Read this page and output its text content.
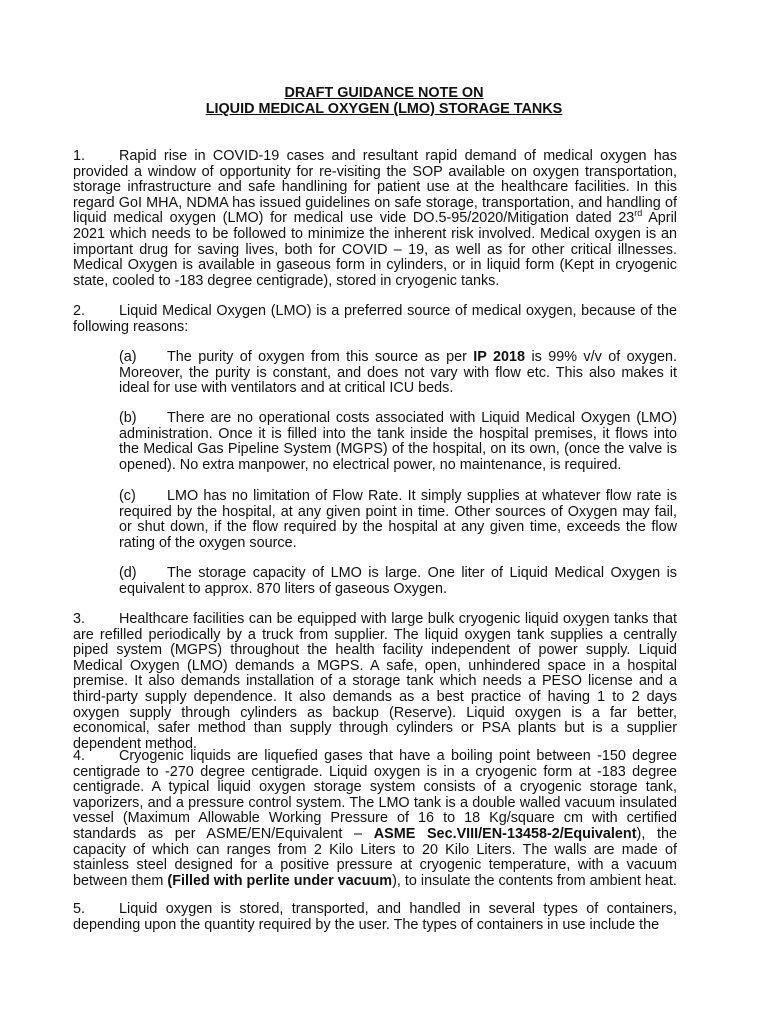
DRAFT GUIDANCE NOTE ON
LIQUID MEDICAL OXYGEN (LMO) STORAGE TANKS

1. Rapid rise in COVID-19 cases and resultant rapid demand of medical oxygen has provided a window of opportunity for re-visiting the SOP available on oxygen transportation, storage infrastructure and safe handlining for patient use at the healthcare facilities. In this regard GoI MHA, NDMA has issued guidelines on safe storage, transportation, and handling of liquid medical oxygen (LMO) for medical use vide DO.5-95/2020/Mitigation dated 23rd April 2021 which needs to be followed to minimize the inherent risk involved. Medical oxygen is an important drug for saving lives, both for COVID – 19, as well as for other critical illnesses. Medical Oxygen is available in gaseous form in cylinders, or in liquid form (Kept in cryogenic state, cooled to -183 degree centigrade), stored in cryogenic tanks.

2. Liquid Medical Oxygen (LMO) is a preferred source of medical oxygen, because of the following reasons:

(a) The purity of oxygen from this source as per IP 2018 is 99% v/v of oxygen. Moreover, the purity is constant, and does not vary with flow etc. This also makes it ideal for use with ventilators and at critical ICU beds.

(b) There are no operational costs associated with Liquid Medical Oxygen (LMO) administration. Once it is filled into the tank inside the hospital premises, it flows into the Medical Gas Pipeline System (MGPS) of the hospital, on its own, (once the valve is opened). No extra manpower, no electrical power, no maintenance, is required.

(c) LMO has no limitation of Flow Rate. It simply supplies at whatever flow rate is required by the hospital, at any given point in time. Other sources of Oxygen may fail, or shut down, if the flow required by the hospital at any given time, exceeds the flow rating of the oxygen source.

(d) The storage capacity of LMO is large. One liter of Liquid Medical Oxygen is equivalent to approx. 870 liters of gaseous Oxygen.

3. Healthcare facilities can be equipped with large bulk cryogenic liquid oxygen tanks that are refilled periodically by a truck from supplier. The liquid oxygen tank supplies a centrally piped system (MGPS) throughout the health facility independent of power supply. Liquid Medical Oxygen (LMO) demands a MGPS. A safe, open, unhindered space in a hospital premise. It also demands installation of a storage tank which needs a PESO license and a third-party supply dependence. It also demands as a best practice of having 1 to 2 days oxygen supply through cylinders as backup (Reserve). Liquid oxygen is a far better, economical, safer method than supply through cylinders or PSA plants but is a supplier dependent method.

4. Cryogenic liquids are liquefied gases that have a boiling point between -150 degree centigrade to -270 degree centigrade. Liquid oxygen is in a cryogenic form at -183 degree centigrade. A typical liquid oxygen storage system consists of a cryogenic storage tank, vaporizers, and a pressure control system. The LMO tank is a double walled vacuum insulated vessel (Maximum Allowable Working Pressure of 16 to 18 Kg/square cm with certified standards as per ASME/EN/Equivalent – ASME Sec.VIII/EN-13458-2/Equivalent), the capacity of which can ranges from 2 Kilo Liters to 20 Kilo Liters. The walls are made of stainless steel designed for a positive pressure at cryogenic temperature, with a vacuum between them (Filled with perlite under vacuum), to insulate the contents from ambient heat.

5. Liquid oxygen is stored, transported, and handled in several types of containers, depending upon the quantity required by the user. The types of containers in use include the
